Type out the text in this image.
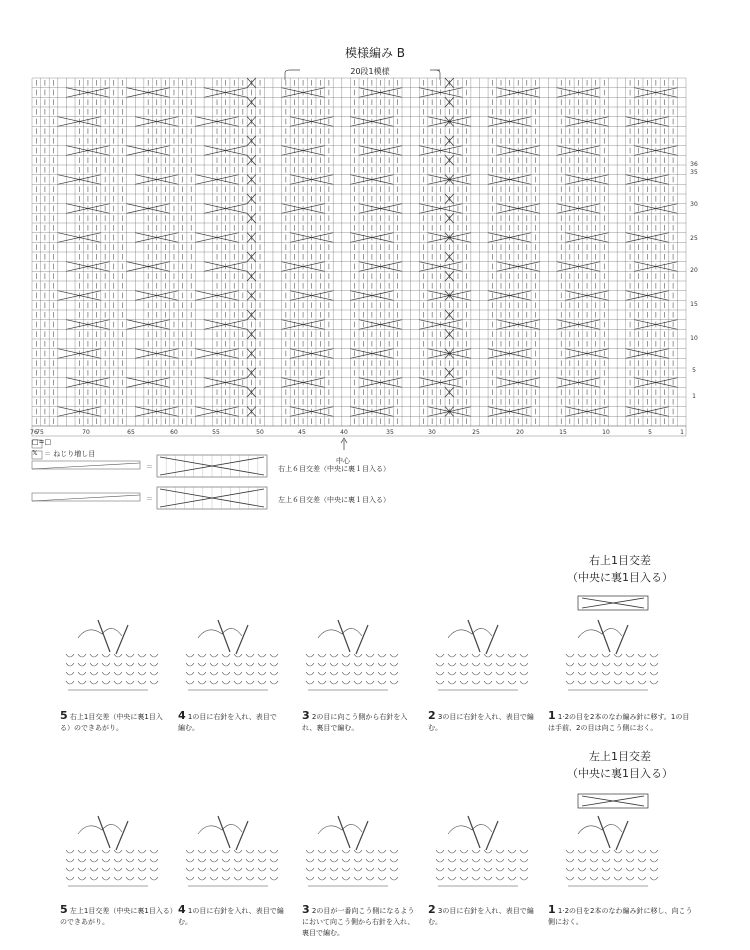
76
75	70	65	60	55	50	45	40	35	30	25	20	15	10	5	1
36
35
30
25
20
15
10
5
1
模様編み B
20段1模様
中心
□=□
𝕏 ＝ ねじり増し目
＝
＝
右上６目交差（中央に裏１目入る）
左上６目交差（中央に裏１目入る）
右上1目交差
（中央に裏1目入る）
左上1目交差
（中央に裏1目入る）
5 右上1目交差（中央に裏1目入る）のできあがり。
4 1の目に右針を入れ、表目で編む。
3 2の目に向こう側から右針を入れ、裏目で編む。
2 3の目に右針を入れ、表目で編む。
1 1·2の目を2本のなわ編み針に移す。1の目は手前、2の目は向こう側におく。
5 左上1目交差（中央に裏1目入る）のできあがり。
4 1の目に右針を入れ、表目で編む。
3 2の目が一番向こう側になるようにおいて向こう側から右針を入れ、裏目で編む。
2 3の目に右針を入れ、表目で編む。
1 1·2の目を2本のなわ編み針に移し、向こう側におく。
